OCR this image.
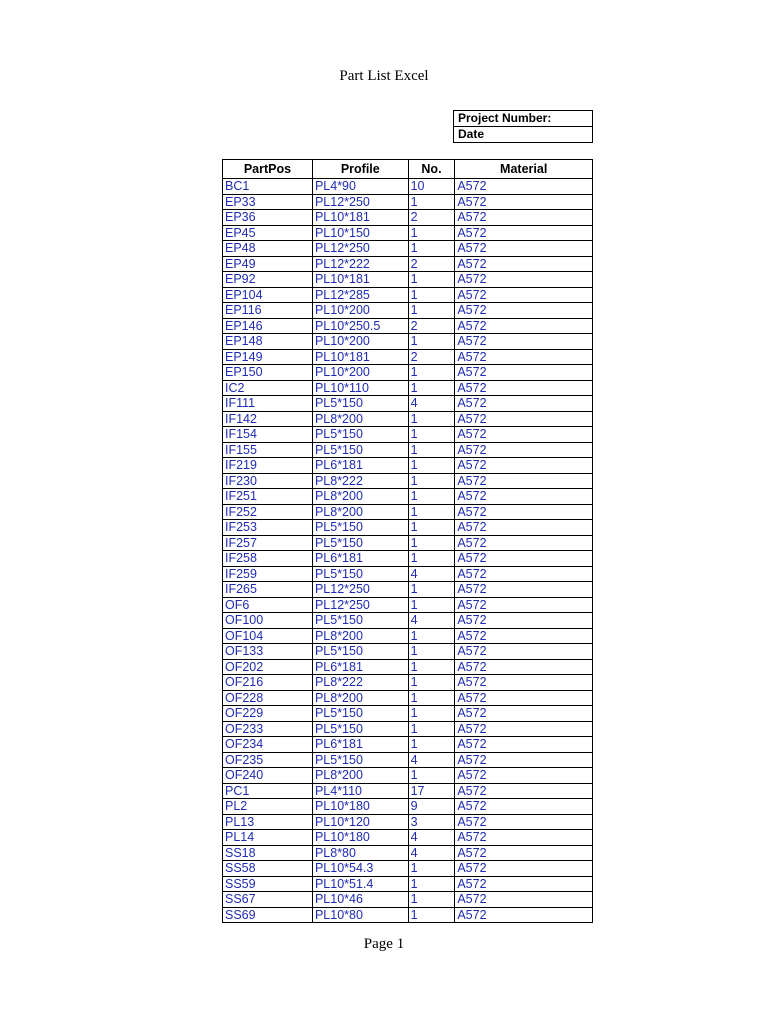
Part List Excel
Project Number:
Date
PartPos	Profile	No.	Material
BC1	PL4*90	10	A572
EP33	PL12*250	1	A572
EP36	PL10*181	2	A572
EP45	PL10*150	1	A572
EP48	PL12*250	1	A572
EP49	PL12*222	2	A572
EP92	PL10*181	1	A572
EP104	PL12*285	1	A572
EP116	PL10*200	1	A572
EP146	PL10*250.5	2	A572
EP148	PL10*200	1	A572
EP149	PL10*181	2	A572
EP150	PL10*200	1	A572
IC2	PL10*110	1	A572
IF111	PL5*150	4	A572
IF142	PL8*200	1	A572
IF154	PL5*150	1	A572
IF155	PL5*150	1	A572
IF219	PL6*181	1	A572
IF230	PL8*222	1	A572
IF251	PL8*200	1	A572
IF252	PL8*200	1	A572
IF253	PL5*150	1	A572
IF257	PL5*150	1	A572
IF258	PL6*181	1	A572
IF259	PL5*150	4	A572
IF265	PL12*250	1	A572
OF6	PL12*250	1	A572
OF100	PL5*150	4	A572
OF104	PL8*200	1	A572
OF133	PL5*150	1	A572
OF202	PL6*181	1	A572
OF216	PL8*222	1	A572
OF228	PL8*200	1	A572
OF229	PL5*150	1	A572
OF233	PL5*150	1	A572
OF234	PL6*181	1	A572
OF235	PL5*150	4	A572
OF240	PL8*200	1	A572
PC1	PL4*110	17	A572
PL2	PL10*180	9	A572
PL13	PL10*120	3	A572
PL14	PL10*180	4	A572
SS18	PL8*80	4	A572
SS58	PL10*54.3	1	A572
SS59	PL10*51.4	1	A572
SS67	PL10*46	1	A572
SS69	PL10*80	1	A572
Page 1
